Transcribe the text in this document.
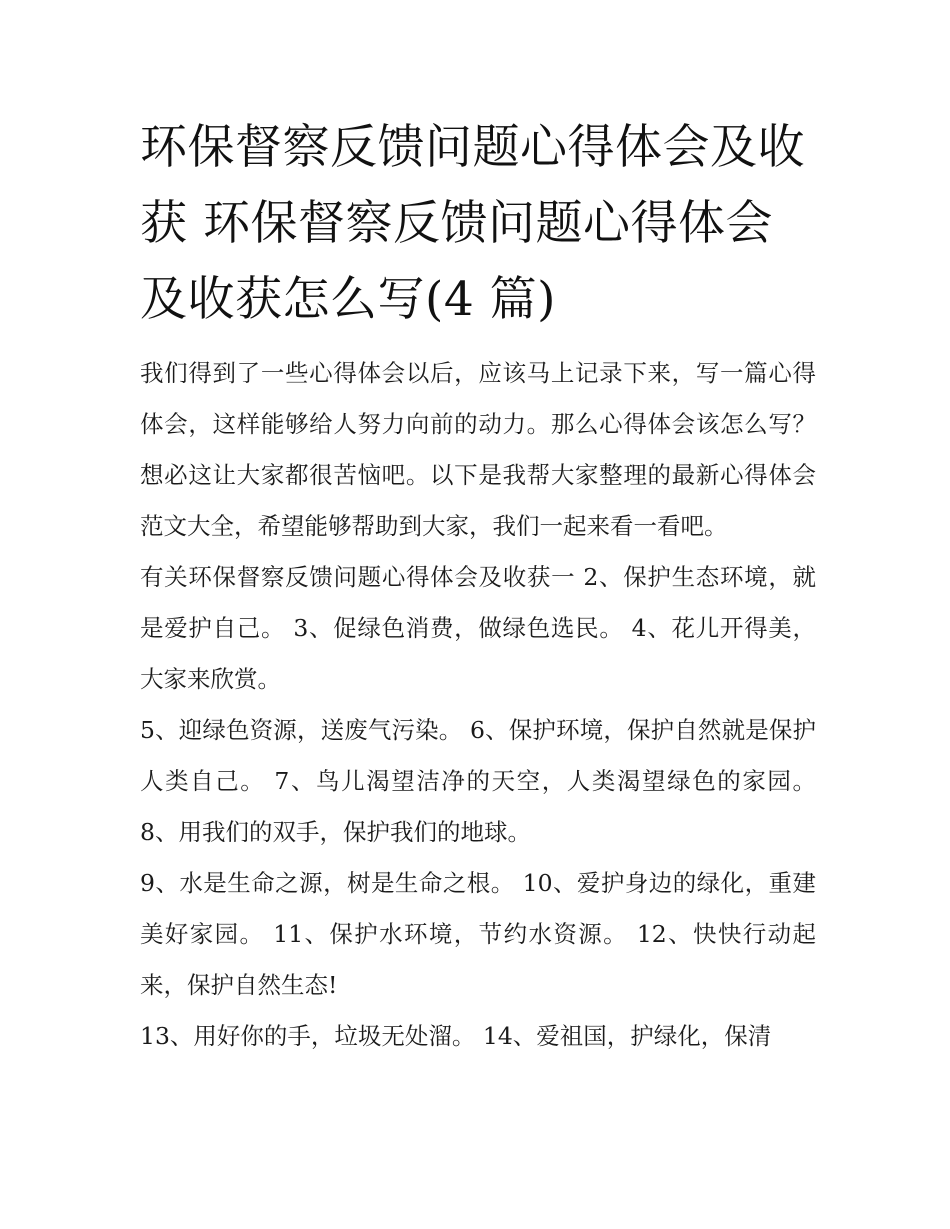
环保督察反馈问题心得体会及收获 环保督察反馈问题心得体会及收获怎么写(4 篇)

我们得到了一些心得体会以后，应该马上记录下来，写一篇心得体会，这样能够给人努力向前的动力。那么心得体会该怎么写？想必这让大家都很苦恼吧。以下是我帮大家整理的最新心得体会范文大全，希望能够帮助到大家，我们一起来看一看吧。

有关环保督察反馈问题心得体会及收获一 2、保护生态环境，就是爱护自己。 3、促绿色消费，做绿色选民。 4、花儿开得美，大家来欣赏。

5、迎绿色资源，送废气污染。 6、保护环境，保护自然就是保护人类自己。 7、鸟儿渴望洁净的天空，人类渴望绿色的家园。 8、用我们的双手，保护我们的地球。

9、水是生命之源，树是生命之根。 10、爱护身边的绿化，重建美好家园。 11、保护水环境，节约水资源。 12、快快行动起来，保护自然生态!

13、用好你的手，垃圾无处溜。 14、爱祖国，护绿化，保清
